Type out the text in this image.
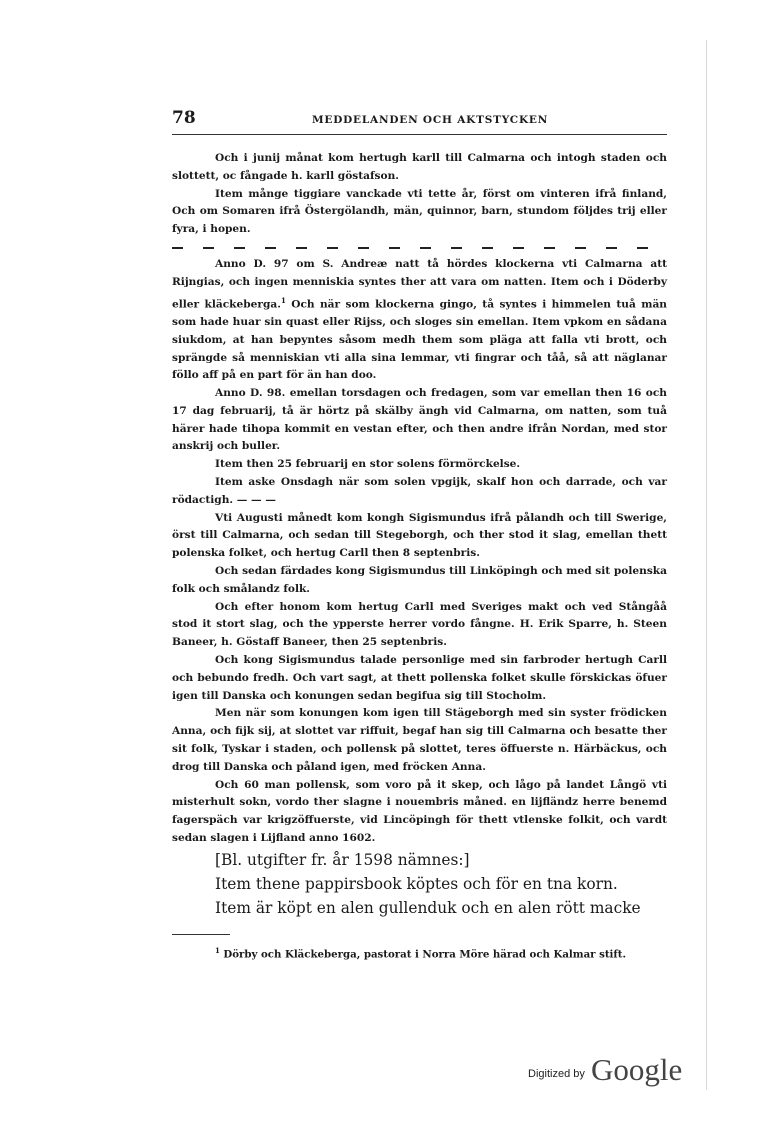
78	MEDDELANDEN OCH AKTSTYCKEN

Och i junij månat kom hertugh karll till Calmarna och intogh staden och slottett, oc fångade h. karll göstafson.

Item månge tiggiare vanckade vti tette år, först om vinteren ifrå finland, Och om Somaren ifrå Östergölandh, män, quinnor, barn, stundom följdes trij eller fyra, i hopen.

Anno D. 97 om S. Andreæ natt tå hördes klockerna vti Calmarna att Rijngias, och ingen menniskia syntes ther att vara om natten. Item och i Döderby eller kläckeberga.$^1$ Och när som klockerna gingo, tå syntes i himmelen tuå män som hade huar sin quast eller Rijss, och sloges sin emellan. Item vpkom en sådana siukdom, at han bepyntes såsom medh them som pläga att falla vti brott, och sprängde så menniskian vti alla sina lemmar, vti fingrar och tåå, så att näglanar föllo aff på en part för än han doo.

Anno D. 98. emellan torsdagen och fredagen, som var emellan then 16 och 17 dag februarij, tå är hörtz på skälby ängh vid Calmarna, om natten, som tuå härer hade tihopa kommit en vestan efter, och then andre ifrån Nordan, med stor anskrij och buller.

Item then 25 februarij en stor solens förmörckelse.

Item aske Onsdagh när som solen vpgijk, skalf hon och darrade, och var rödactigh. — — —

Vti Augusti månedt kom kongh Sigismundus ifrå pålandh och till Swerige, örst till Calmarna, och sedan till Stegeborgh, och ther stod it slag, emellan thett polenska folket, och hertug Carll then 8 septenbris.

Och sedan färdades kong Sigismundus till Linköpingh och med sit polenska folk och smålandz folk.

Och efter honom kom hertug Carll med Sveriges makt och ved Stångåå stod it stort slag, och the ypperste herrer vordo fångne. H. Erik Sparre, h. Steen Baneer, h. Göstaff Baneer, then 25 septenbris.

Och kong Sigismundus talade personlige med sin farbroder hertugh Carll och bebundo fredh. Och vart sagt, at thett pollenska folket skulle förskickas öfuer igen till Danska och konungen sedan begifua sig till Stocholm.

Men när som konungen kom igen till Stägeborgh med sin syster frödicken Anna, och fijk sij, at slottet var riffuit, begaf han sig till Calmarna och besatte ther sit folk, Tyskar i staden, och pollensk på slottet, teres öffuerste n. Härbäckus, och drog till Danska och påland igen, med fröcken Anna.

Och 60 man pollensk, som voro på it skep, och lågo på landet Långö vti misterhult sokn, vordo ther slagne i nouembris måned. en lijfländz herre benemd fagerspäch var krigzöffuerste, vid Lincöpingh för thett vtlenske folkit, och vardt sedan slagen i Lijfland anno 1602.

[Bl. utgifter fr. år 1598 nämnes:]

Item thene pappirsbook köptes och för en tna korn.

Item är köpt en alen gullenduk och en alen rött macke

$^1$ Dörby och Kläckeberga, pastorat i Norra Möre härad och Kalmar stift.
Digitized by Google
